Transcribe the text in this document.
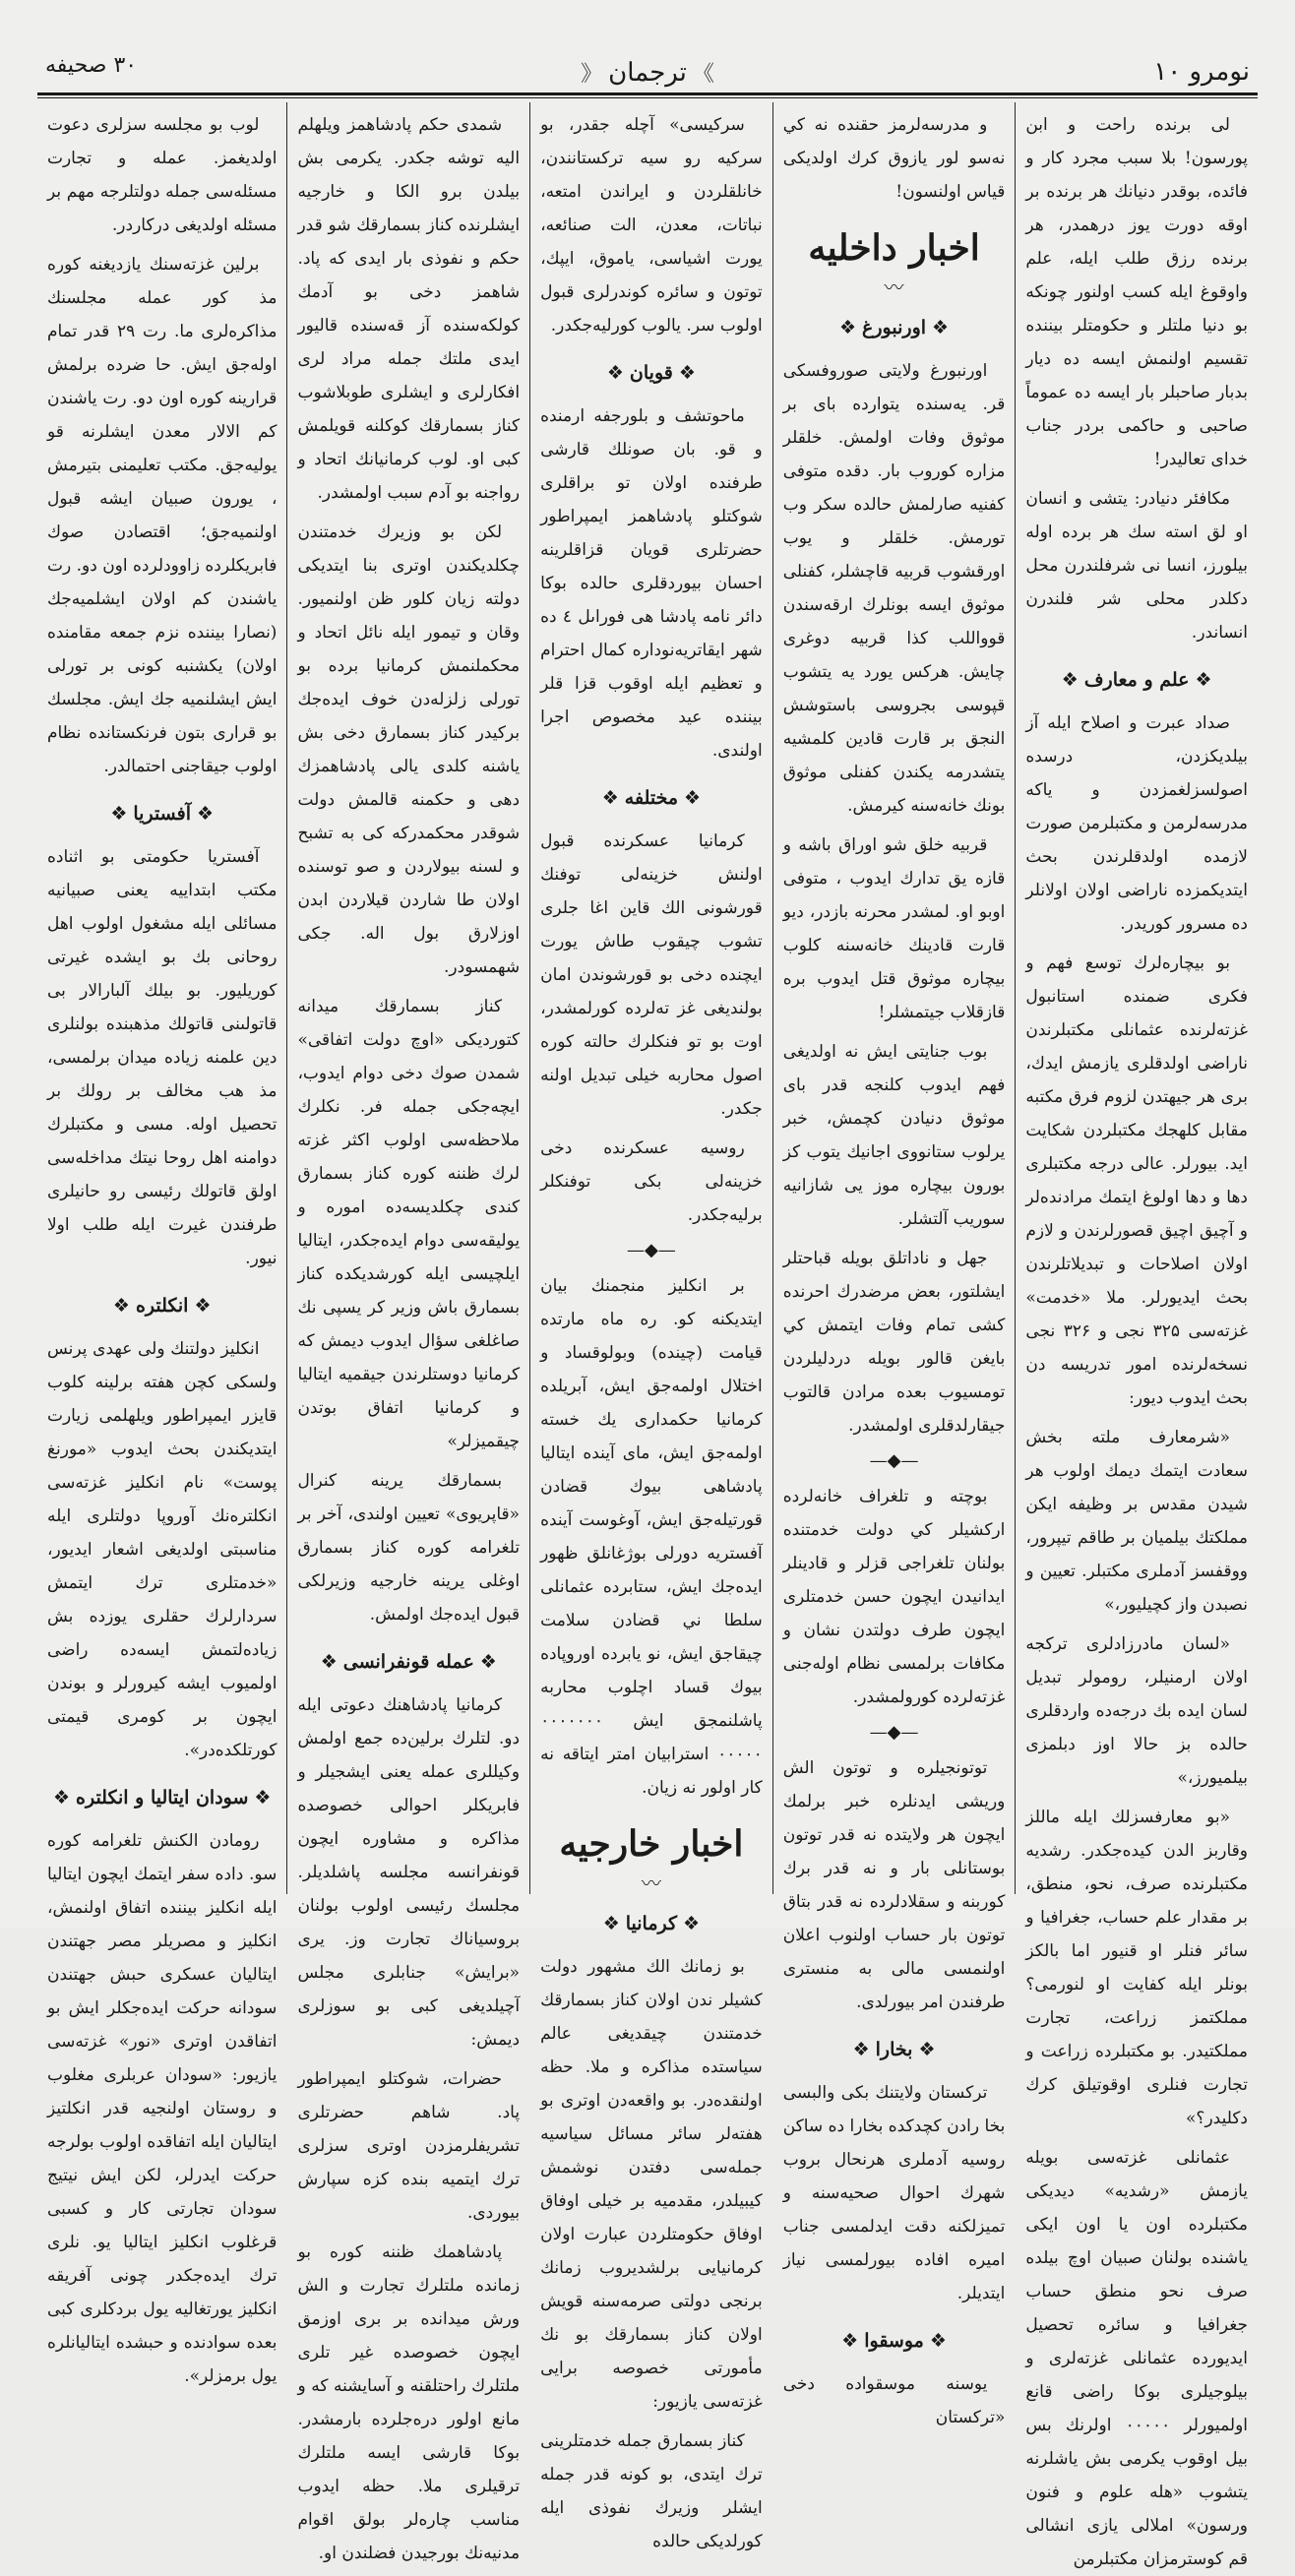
نومرو ۱۰
》ترجمان《
۳۰ صحيفه

لى برنده راحت و ابن پورسون! بلا سبب مجرد كار و فائده، بوقدر دنيانك هر برنده بر اوقه دورت يوز درهمدر، هر برنده رزق طلب ايله، علم واوقوغ ايله كسب اولنور چونكه بو دنيا ملتلر و حكومتلر بيننده تقسيم اولنمش ايسه ده ديار بدبار صاحبلر بار ايسه ده عموماً صاحبى و حاكمى بردر جناب خداى تعاليدر!

مكافئر دنيادر: يتشى و انسان او لق استه سك هر برده اوله بيلورز، انسا نى شرفلندرن محل دكلدر محلى شر فلندرن انساندر.

❖علم و معارف❖

صداد عبرت و اصلاح ايله آز بيلديكزدن، درسده اصولسزلغمزدن و ياكه مدرسه‌لرمن و مكتبلرمن صورت لازمده اولدقلرندن بحث ايتديكمزده ناراضى اولان اولانلر ده مسرور كوريدر.

بو بيچارەلرك توسع فهم و فكرى ضمنده استانبول غزته‌لرنده عثمانلى مكتبلرندن ناراضى اولدقلرى يازمش ايدك، برى هر جيهتدن لزوم فرق مكتبه مقابل كلهجك مكتبلردن شكايت ايد. بيورلر. عالى درجه مكتبلرى دها و دها اولوغ ايتمك مرادنده‌لر و آچيق اچيق قصورلرندن و لازم اولان اصلاحات و تبديلاتلرندن بحث ايديورلر. ملا «خدمت» غزته‌سى ۳۲۵ نجى و ۳۲۶ نجى نسخه‌لرنده امور تدريسه دن بحث ايدوب ديور:

«شرمعارف ملته بخش سعادت ايتمك ديمك اولوب هر شيدن مقدس بر وظيفه ايكن مملكتك بيلميان بر طاقم تيپرور، ووقفسز آدملرى مكتبلر. تعيين و نصبدن واز كچيليور،»

«لسان مادرزادلرى تركجه اولان ارمنيلر، رومولر تبديل لسان ايده بك درجه‌ده واردقلرى حالده بز حالا اوز دبلمزى بيلميورز،»

«بو معارفسزلك ايله ماللز وقاربز الدن كيده‌جكدر. رشديه مكتبلرنده صرف، نحو، منطق، بر مقدار علم حساب، جغرافيا و سائر فنلر او قنيور اما بالكز بونلر ايله كفايت او لنورمى؟ مملكتمز زراعت، تجارت مملكتيدر. بو مكتبلرده زراعت و تجارت فنلرى اوقوتيلق كرك دكليدر؟»

عثمانلى غزته‌سى بويله يازمش «رشديه» ديديكى مكتبلرده اون يا اون ايكى ياشنده بولنان صبيان اوچ بيلده صرف نحو منطق حساب جغرافيا و سائره تحصيل ايديورده عثمانلى غزته‌لرى و بيلوجيلرى بوكا راضى قانع اولميورلر ۰۰۰۰۰ اولرنك بس بيل اوقوب يكرمى بش ياشلرنه يتشوب «هله علوم و فنون ورسون» املالى يازى انشالى قم كوسترمزان مكتبلرمن

و مدرسه‌لرمز حقنده نه كي نه‌سو لور يازوق كرك اولديكى قياس اولنسون!

اخبار داخليه
〰
❖اورنبورغ❖

اورنبورغ ولايتى صوروفسكى قر. يه‌سنده يتوارده باى بر موثوق وفات اولمش. خلقلر مزاره كوروب بار. دقده متوفى كفنيه صارلمش حالده سكر وب تورمش. خلقلر و يوب اورقشوب قربيه قاچشلر، كفنلى موثوق ايسه بونلرك ارقه‌سندن قوواللب كذا قربيه دوغرى چايش. هركس يورد يه يتشوب قپوسى بجروسى باستوشش النجق بر قارت قادين كلمشيه يتشدرمه يكندن كفنلى موثوق بونك خانه‌سنه كيرمش.

قربيه خلق شو اوراق باشه و قازه يق تدارك ايدوب ، متوفى اوبو او. لمشدر محرنه بازدر، ديو قارت قادينك خانه‌سنه كلوب بيچاره موثوق قتل ايدوب بره قازقلاب جيتمشلر!

بوب جنايتى ايش نه اولديغى فهم ايدوب كلنجه قدر باى موثوق دنيادن كچمش، خبر يرلوب ستانووى اجانيك يتوب كز بورون بيچاره موز يى شازانيه سوريب آلتشلر.

جهل و ناداتلق بويله قباحتلر ايشلتور، بعض مرضدرك احرنده كشى تمام وفات ايتمش كي بايغن قالور بويله دردليلردن تومسيوب بعده مرادن قالتوب جيقارلدقلرى اولمشدر.

—◆—

بوچته و تلغراف خانه‌لرده اركشيلر كي دولت خدمتنده بولنان تلغراجى قزلر و قادينلر ايدانيدن ايچون حسن خدمتلرى ايچون طرف دولتدن نشان و مكافات برلمسى نظام اوله‌جنى غزته‌لرده كورولمشدر.

—◆—

توتونجيلره و توتون الش وريشى ايدنلره خبر برلمك ايچون هر ولايتده نه قدر توتون بوستانلى بار و نه قدر برك كوربنه و سقلادلرده نه قدر بتاق توتون بار حساب اولنوب اعلان اولنمسى مالى به منسترى طرفندن امر بيورلدى.

❖بخارا❖

تركستان ولايتنك بكى والبسى بخا رادن كچدكده بخارا ده ساكن روسيه آدملرى هرنحال بروب شهرك احوال صحيه‌سنه و تميزلكنه دقت ايدلمسى جناب اميره افاده بيورلمسى نياز ايتديلر.

❖موسقوا❖

يوسنه موسقواده دخى «تركستان

سركيسى» آچله جقدر، بو سركيه رو سيه تركستانندن، خانلقلردن و ايراندن امتعه، نباتات، معدن، الت صنائعه، يورت اشياسى، ياموق، ايپك، توتون و سائره كوندرلرى قبول اولوب سر. يالوب كورليه‌جكدر.

❖قويان❖

ماحوتشف و بلورجفه ارمنده و قو. بان صونلك قارشى طرفنده اولان تو براقلرى شوكتلو پادشاهمز ايمپراطور حضرتلرى قويان قزاقلرينه احسان بيوردقلرى حالده بوكا دائر نامه پادشا هى فوراىل ٤ ده شهر ايقاتريه‌نوداره كمال احترام و تعظيم ايله اوقوب قزا قلر بيننده عيد مخصوص اجرا اولندى.

❖مختلفه❖

كرمانيا عسكرنده قبول اولنش خزينه‌لى توفنك قورشونى الك قاين اغا جلرى تشوب چيقوب طاش يورت ايچنده دخى بو قورشوندن امان بولنديغى غز ته‌لرده كورلمشدر، اوت بو تو فنكلرك حالته كوره اصول محاربه خيلى تبديل اولنه جكدر.

روسيه عسكرنده دخى خزينه‌لى بكى توفنكلر برليه‌جكدر.

—◆—

بر انكليز منجمنك بيان ايتديكنه كو. ره ماه مارتده قيامت (چينده) وبولوقساد و اختلال اولمه‌جق ايش، آبريلده كرمانيا حكمدارى يك خسته اولمه‌جق ايش، ماى آينده ايتاليا پادشاهى بيوك قضادن قورتيله‌جق ايش، آوغوست آينده آفستريه دورلى بوژغانلق ظهور ايده‌جك ايش، ستابرده عثمانلى سلطا ني قضادن سلامت چيقاجق ايش، نو يابرده اوروپاده بيوك قساد اچلوب محاربه پاشلنمجق ايش ۰۰۰۰۰۰۰ ۰۰۰۰۰ استرابيان امتر ايتاقه نه كار اولور نه زيان.

اخبار خارجيه
〰
❖كرمانيا❖

بو زمانك الك مشهور دولت كشيلر ندن اولان كناز بسمارقك خدمتندن چيقديغى عالم سياستده مذاكره و ملا. حظه اولنقده‌در. بو واقعه‌دن اوترى بو هفته‌لر سائر مسائل سياسيه جمله‌سى دفتدن نوشمش كيبيلدر، مقدميه بر خيلى اوفاق اوفاق حكومتلردن عبارت اولان كرمانيايى برلشديروب زمانك برنجى دولتى صرمه‌سنه قويش اولان كناز بسمارقك بو نك مأمورتى خصوصه برايى غزته‌سى يازيور:

كناز بسمارق جمله خدمتلرينى ترك ايتدى، بو كونه قدر جمله ايشلر وزيرك نفوذى ايله كورلديكى حالده

شمدى حكم پادشاهمز ويلهلم اليه توشه جكدر. يكرمى بش بيلدن برو الكا و خارجيه ايشلرنده كناز بسمارقك شو قدر حكم و نفوذى بار ايدى كه پاد. شاهمز دخى بو آدمك كولكه‌سنده آز قه‌سنده قاليور ايدى ملتك جمله مراد لرى افكارلرى و ايشلرى طوبلاشوب كناز بسمارقك كوكلنه قويلمش كبى او. لوب كرمانيانك اتحاد و رواجنه بو آدم سبب اولمشدر.

لكن بو وزيرك خدمتندن چكلديكندن اوترى بنا ايتديكى دولته زيان كلور ظن اولنميور. وقان و تيمور ايله نائل اتحاد و محكملنمش كرمانيا برده بو تورلى زلزله‌دن خوف ايده‌جك بركيدر كناز بسمارق دخى بش ياشنه كلدى يالى پادشاهمزك دهى و حكمنه قالمش دولت شوقدر محكمدركه كى به تشبح و لسنه بيولاردن و صو توسنده اولان طا شاردن قيلاردن ابدن اوزلارق بول اله. جكى شهمسودر.

كناز بسمارقك ميدانه كتورديكى «اوچ دولت اتفاقى» شمدن صوك دخى دوام ايدوب، ايچه‌جكى جمله فر. نكلرك ملاحظه‌سى اولوب اكثر غزته لرك ظننه كوره كناز بسمارق كندى چكلديسه‌ده اموره و يوليقه‌سى دوام ايده‌جكدر، ايتاليا ايلچيسى ايله كورشديكده كناز بسمارق باش وزير كر يسپى نك صاغلغى سؤال ايدوب ديمش كه كرمانيا دوستلرندن جيقميه ايتاليا و كرمانيا اتفاق بوتدن چيقميزلر»

بسمارقك يرينه كنرال «قاپريوى» تعيين اولندى، آخر بر تلغرامه كوره كناز بسمارق اوغلى يرينه خارجيه وزيرلكى قبول ايده‌جك اولمش.

❖عمله قونفرانسى❖

كرمانيا پادشاهنك دعوتى ايله دو. لتلرك برلين‌ده جمع اولمش وكيللرى عمله يعنى ايشجيلر و فابريكلر احوالى خصوصده مذاكره و مشاوره ايچون قونفرانسه مجلسه پاشلديلر. مجلسك رئيسى اولوب بولنان بروسياناك تجارت وز. يرى «برايش» جنابلرى مجلس آچيلديغى كبى بو سوزلرى ديمش:

حضرات، شوكتلو ايمپراطور پاد. شاهم حضرتلرى تشريفلرمزدن اوترى سزلرى ترك ايتميه بنده كزه سپارش بيوردى.

پادشاهمك ظننه كوره بو زمانده ملتلرك تجارت و الش ورش ميدانده بر برى اوزمق ايچون خصوصده غير تلرى ملتلرك راحتلقنه و آسايشنه كه و مانع اولور دره‌جلرده بارمشدر. بوكا قارشى ايسه ملتلرك ترقيلرى ملا. حظه ايدوب مناسب چاره‌لر بولق اقوام مدنيه‌نك بورجيدن فضلندن او.

لوب بو مجلسه سزلرى دعوت اولديغمز. عمله و تجارت مسئله‌سى جمله دولتلرجه مهم بر مسئله اولديغى دركاردر.

برلين غزته‌سنك يازديغنه كوره مذ كور عمله مجلسنك مذاكره‌لرى ما. رت ٢٩ قدر تمام اوله‌جق ايش. حا ضرده برلمش قرارينه كوره اون دو. رت ياشندن كم الالار معدن ايشلرنه قو يوليه‌جق. مكتب تعليمنى بتيرمش ، يورون صبيان ايشه قبول اولنميه‌جق؛ اقتصادن صوك فابريكلرده زاوودلرده اون دو. رت ياشندن كم اولان ايشلميه‌جك (نصارا بيننده نزم جمعه مقامنده اولان) يكشنبه كونى بر تورلى ايش ايشلنميه جك ايش. مجلسك بو قرارى بتون فرنكستانده نظام اولوب جيقاجنى احتمالدر.

❖آفستريا❖

آفستريا حكومتى بو اثناده مكتب ابتداييه يعنى صبيانيه مسائلى ايله مشغول اولوب اهل روحانى بك بو ايشده غيرتى كوريليور. بو بيلك آلبارالار بى قاتولىنى قاتولك مذهبنده بولنلرى دين علمنه زياده ميدان برلمسى، مذ هب مخالف بر رولك بر تحصيل اوله. مسى و مكتبلرك دوامنه اهل روحا نيتك مداخله‌سى اولق قاتولك رئيسى رو حانيلرى طرفندن غيرت ايله طلب اولا نيور.

❖انكلتره❖

انكليز دولتنك ولى عهدى پرنس ولسكى كچن هفته برلينه كلوب قايزر ايمپراطور ويلهلمى زيارت ايتديكندن بحث ايدوب «مورنغ پوست» نام انكليز غزته‌سى انكلتره‌نك آوروپا دولتلرى ايله مناسبتى اولديغى اشعار ايديور، «خدمتلرى ترك ايتمش سردارلرك حقلرى يوزده بش زياده‌لتمش ايسه‌ده راضى اولميوب ايشه كيرورلر و بوندن ايچون بر كومرى قيمتى كورتلكده‌در».

❖سودان ايتاليا و انكلتره❖

رومادن الكنش تلغرامه كوره سو. داده سفر ايتمك ايچون ايتاليا ايله انكليز بيننده اتفاق اولنمش، انكليز و مصريلر مصر جهتندن ايتاليان عسكرى حبش جهتندن سودانه حركت ايده‌جكلر ايش بو اتفاقدن اوترى «نور» غزته‌سى يازيور: «سودان عربلرى مغلوب و روستان اولنجيه قدر انكلتيز ايتاليان ايله اتفاقده اولوب بولرجه حركت ايدرلر، لكن ايش نيتيج سودان تجارتى كار و كسبى قرغلوب انكليز ايتاليا يو. نلرى ترك ايده‌جكدر چونى آفريقه انكليز يورتغاليه يول بردكلرى كبى بعده سوادنده و حبشده ايتاليانلره يول برمزلر».
